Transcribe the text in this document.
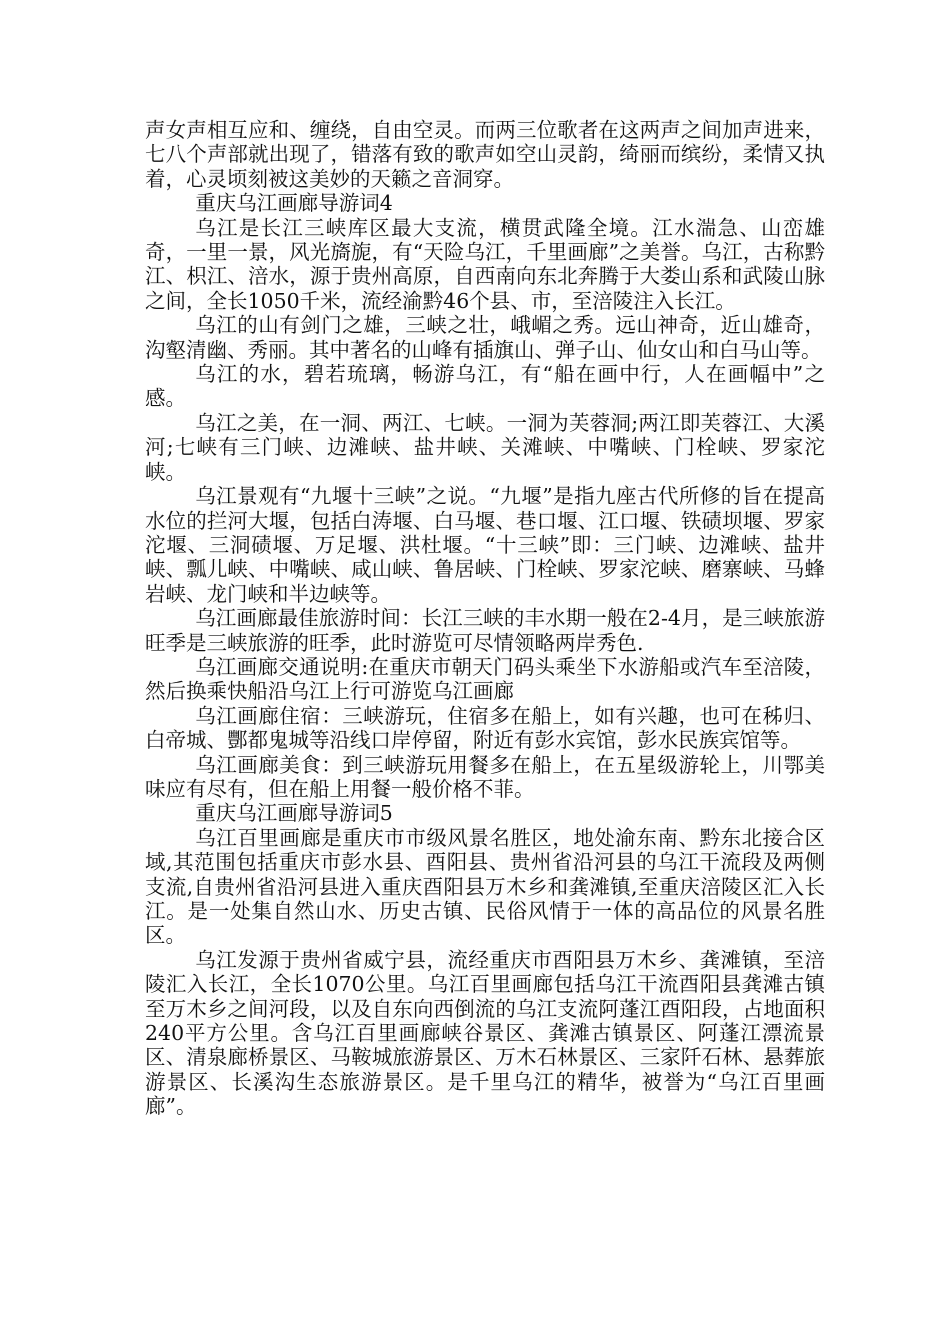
声女声相互应和、缠绕，自由空灵。而两三位歌者在这两声之间加声进来，七八个声部就出现了，错落有致的歌声如空山灵韵，绮丽而缤纷，柔情又执着，心灵顷刻被这美妙的天籁之音洞穿。

重庆乌江画廊导游词4

乌江是长江三峡库区最大支流，横贯武隆全境。江水湍急、山峦雄奇，一里一景，风光旖旎，有“天险乌江，千里画廊”之美誉。乌江，古称黔江、枳江、涪水，源于贵州高原，自西南向东北奔腾于大娄山系和武陵山脉之间，全长1050千米，流经渝黔46个县、市，至涪陵注入长江。

乌江的山有剑门之雄，三峡之壮，峨嵋之秀。远山神奇，近山雄奇，沟壑清幽、秀丽。其中著名的山峰有插旗山、弹子山、仙女山和白马山等。

乌江的水，碧若琉璃，畅游乌江，有“船在画中行，人在画幅中”之感。

乌江之美，在一洞、两江、七峡。一洞为芙蓉洞;两江即芙蓉江、大溪河;七峡有三门峡、边滩峡、盐井峡、关滩峡、中嘴峡、门栓峡、罗家沱峡。

乌江景观有“九堰十三峡”之说。“九堰”是指九座古代所修的旨在提高水位的拦河大堰，包括白涛堰、白马堰、巷口堰、江口堰、铁碛坝堰、罗家沱堰、三洞碛堰、万足堰、洪杜堰。“十三峡”即：三门峡、边滩峡、盐井峡、瓢儿峡、中嘴峡、咸山峡、鲁居峡、门栓峡、罗家沱峡、磨寨峡、马蜂岩峡、龙门峡和半边峡等。

乌江画廊最佳旅游时间：长江三峡的丰水期一般在2-4月，是三峡旅游旺季是三峡旅游的旺季，此时游览可尽情领略两岸秀色.

乌江画廊交通说明:在重庆市朝天门码头乘坐下水游船或汽车至涪陵，然后换乘快船沿乌江上行可游览乌江画廊

乌江画廊住宿：三峡游玩，住宿多在船上，如有兴趣，也可在秭归、白帝城、酆都鬼城等沿线口岸停留，附近有彭水宾馆，彭水民族宾馆等。

乌江画廊美食：到三峡游玩用餐多在船上，在五星级游轮上，川鄂美味应有尽有，但在船上用餐一般价格不菲。

重庆乌江画廊导游词5

乌江百里画廊是重庆市市级风景名胜区，地处渝东南、黔东北接合区域,其范围包括重庆市彭水县、酉阳县、贵州省沿河县的乌江干流段及两侧支流,自贵州省沿河县进入重庆酉阳县万木乡和龚滩镇,至重庆涪陵区汇入长江。是一处集自然山水、历史古镇、民俗风情于一体的高品位的风景名胜区。

乌江发源于贵州省威宁县，流经重庆市酉阳县万木乡、龚滩镇，至涪陵汇入长江，全长1070公里。乌江百里画廊包括乌江干流酉阳县龚滩古镇至万木乡之间河段，以及自东向西倒流的乌江支流阿蓬江酉阳段，占地面积240平方公里。含乌江百里画廊峡谷景区、龚滩古镇景区、阿蓬江漂流景区、清泉廊桥景区、马鞍城旅游景区、万木石林景区、三家阡石林、悬葬旅游景区、长溪沟生态旅游景区。是千里乌江的精华，被誉为“乌江百里画廊”。
